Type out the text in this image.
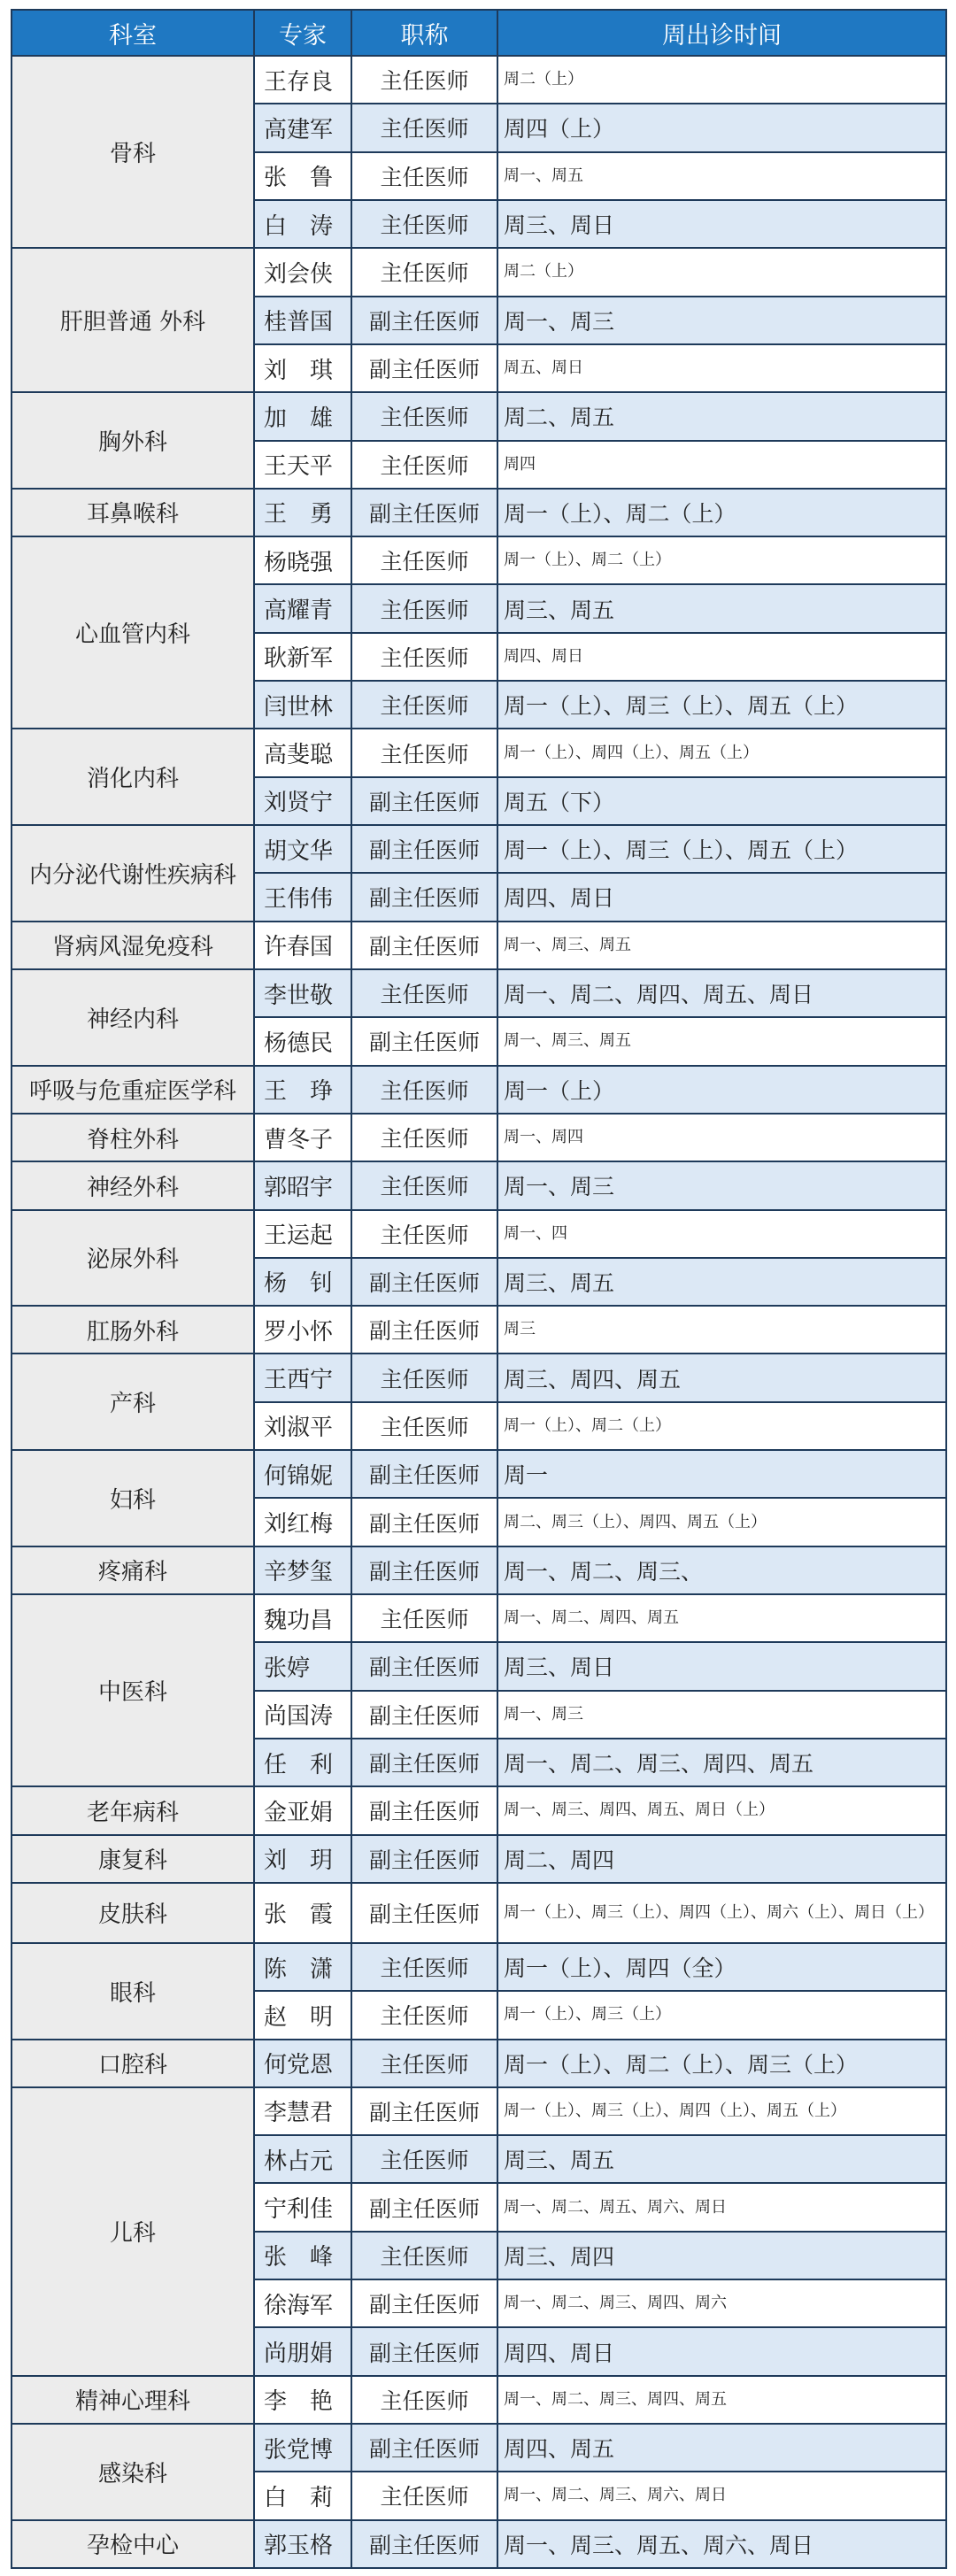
科室	专家	职称	周出诊时间
骨科	王存良	主任医师	周二（上）
	高建军	主任医师	周四（上）
	张　鲁	主任医师	周一、周五
	白　涛	主任医师	周三、周日
肝胆普通 外科	刘会侠	主任医师	周二（上）
	桂普国	副主任医师	周一、周三
	刘　琪	副主任医师	周五、周日
胸外科	加　雄	主任医师	周二、周五
	王天平	主任医师	周四
耳鼻喉科	王　勇	副主任医师	周一（上）、周二（上）
心血管内科	杨晓强	主任医师	周一（上）、周二（上）
	高耀青	主任医师	周三、周五
	耿新军	主任医师	周四、周日
	闫世林	主任医师	周一（上）、周三（上）、周五（上）
消化内科	高斐聪	主任医师	周一（上）、周四（上）、周五（上）
	刘贤宁	副主任医师	周五（下）
内分泌代谢性疾病科	胡文华	副主任医师	周一（上）、周三（上）、周五（上）
	王伟伟	副主任医师	周四、周日
肾病风湿免疫科	许春国	副主任医师	周一、周三、周五
神经内科	李世敬	主任医师	周一、周二、周四、周五、周日
	杨德民	副主任医师	周一、周三、周五
呼吸与危重症医学科	王　琤	主任医师	周一（上）
脊柱外科	曹冬子	主任医师	周一、周四
神经外科	郭昭宇	主任医师	周一、周三
泌尿外科	王运起	主任医师	周一、四
	杨　钊	副主任医师	周三、周五
肛肠外科	罗小怀	副主任医师	周三
产科	王西宁	主任医师	周三、周四、周五
	刘淑平	主任医师	周一（上）、周二（上）
妇科	何锦妮	副主任医师	周一
	刘红梅	副主任医师	周二、周三（上）、周四、周五（上）
疼痛科	辛梦玺	副主任医师	周一、周二、周三、
中医科	魏功昌	主任医师	周一、周二、周四、周五
	张婷	副主任医师	周三、周日
	尚国涛	副主任医师	周一、周三
	任　利	副主任医师	周一、周二、周三、周四、周五
老年病科	金亚娟	副主任医师	周一、周三、周四、周五、周日（上）
康复科	刘　玥	副主任医师	周二、周四
皮肤科	张　霞	副主任医师	周一（上）、周三（上）、周四（上）、周六（上）、周日（上）
眼科	陈　潇	主任医师	周一（上）、周四（全）
	赵　明	主任医师	周一（上）、周三（上）
口腔科	何党恩	主任医师	周一（上）、周二（上）、周三（上）
儿科	李慧君	副主任医师	周一（上）、周三（上）、周四（上）、周五（上）
	林占元	主任医师	周三、周五
	宁利佳	副主任医师	周一、周二、周五、周六、周日
	张　峰	主任医师	周三、周四
	徐海军	副主任医师	周一、周二、周三、周四、周六
	尚朋娟	副主任医师	周四、周日
精神心理科	李　艳	主任医师	周一、周二、周三、周四、周五
感染科	张党博	副主任医师	周四、周五
	白　莉	主任医师	周一、周二、周三、周六、周日
孕检中心	郭玉格	副主任医师	周一、周三、周五、周六、周日
